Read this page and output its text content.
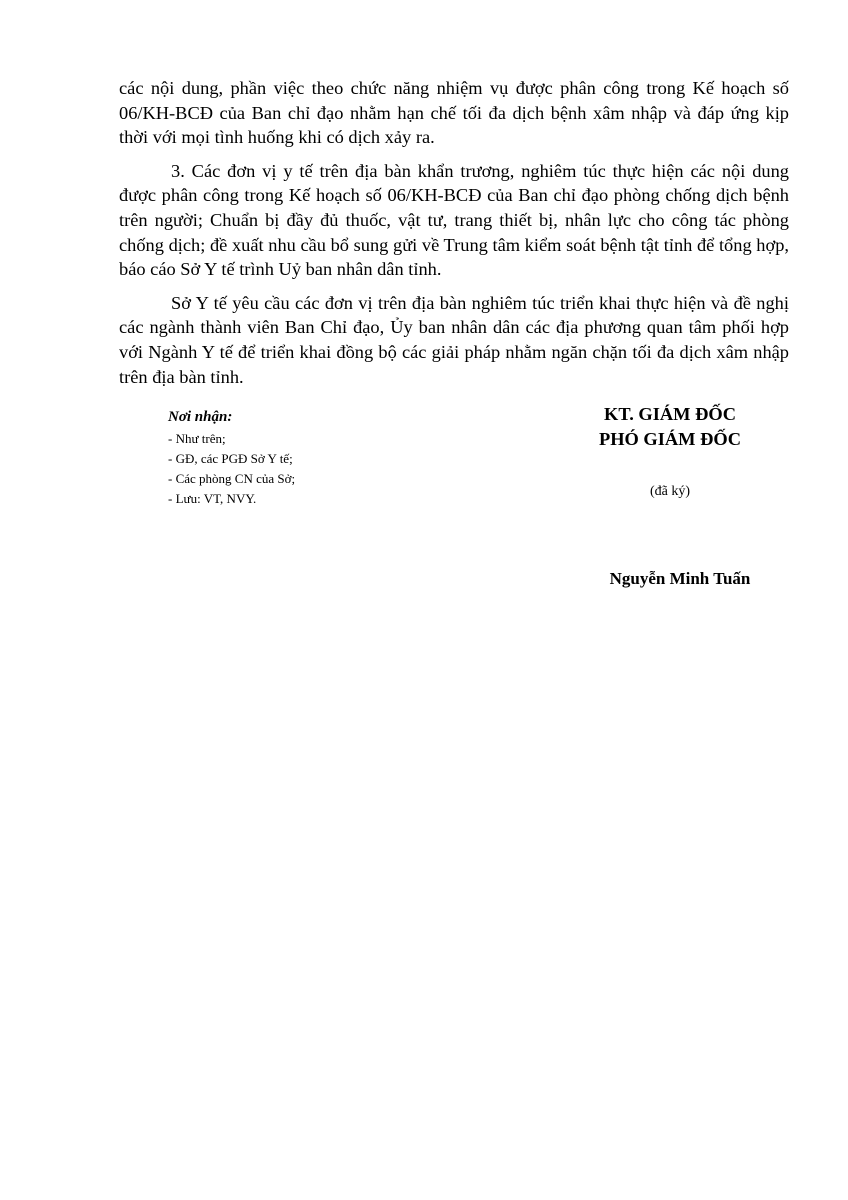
các nội dung, phần việc theo chức năng nhiệm vụ được phân công trong Kế hoạch số 06/KH-BCĐ của Ban chỉ đạo nhằm hạn chế tối đa dịch bệnh xâm nhập và đáp ứng kịp thời với mọi tình huống khi có dịch xảy ra.

3. Các đơn vị y tế trên địa bàn khẩn trương, nghiêm túc thực hiện các nội dung được phân công trong Kế hoạch số 06/KH-BCĐ của Ban chỉ đạo phòng chống dịch bệnh trên người; Chuẩn bị đầy đủ thuốc, vật tư, trang thiết bị, nhân lực cho công tác phòng chống dịch; đề xuất nhu cầu bổ sung gửi về Trung tâm kiểm soát bệnh tật tỉnh để tổng hợp, báo cáo Sở Y tế trình Uỷ ban nhân dân tỉnh.

Sở Y tế yêu cầu các đơn vị trên địa bàn nghiêm túc triển khai thực hiện và đề nghị các ngành thành viên Ban Chỉ đạo, Ủy ban nhân dân các địa phương quan tâm phối hợp với Ngành Y tế để triển khai đồng bộ các giải pháp nhằm ngăn chặn tối đa dịch xâm nhập trên địa bàn tỉnh.

Nơi nhận:
- Như trên;
- GĐ, các PGĐ Sở Y tế;
- Các phòng CN của Sở;
- Lưu: VT, NVY.

KT. GIÁM ĐỐC

PHÓ GIÁM ĐỐC

(đã ký)
Nguyễn Minh Tuấn
